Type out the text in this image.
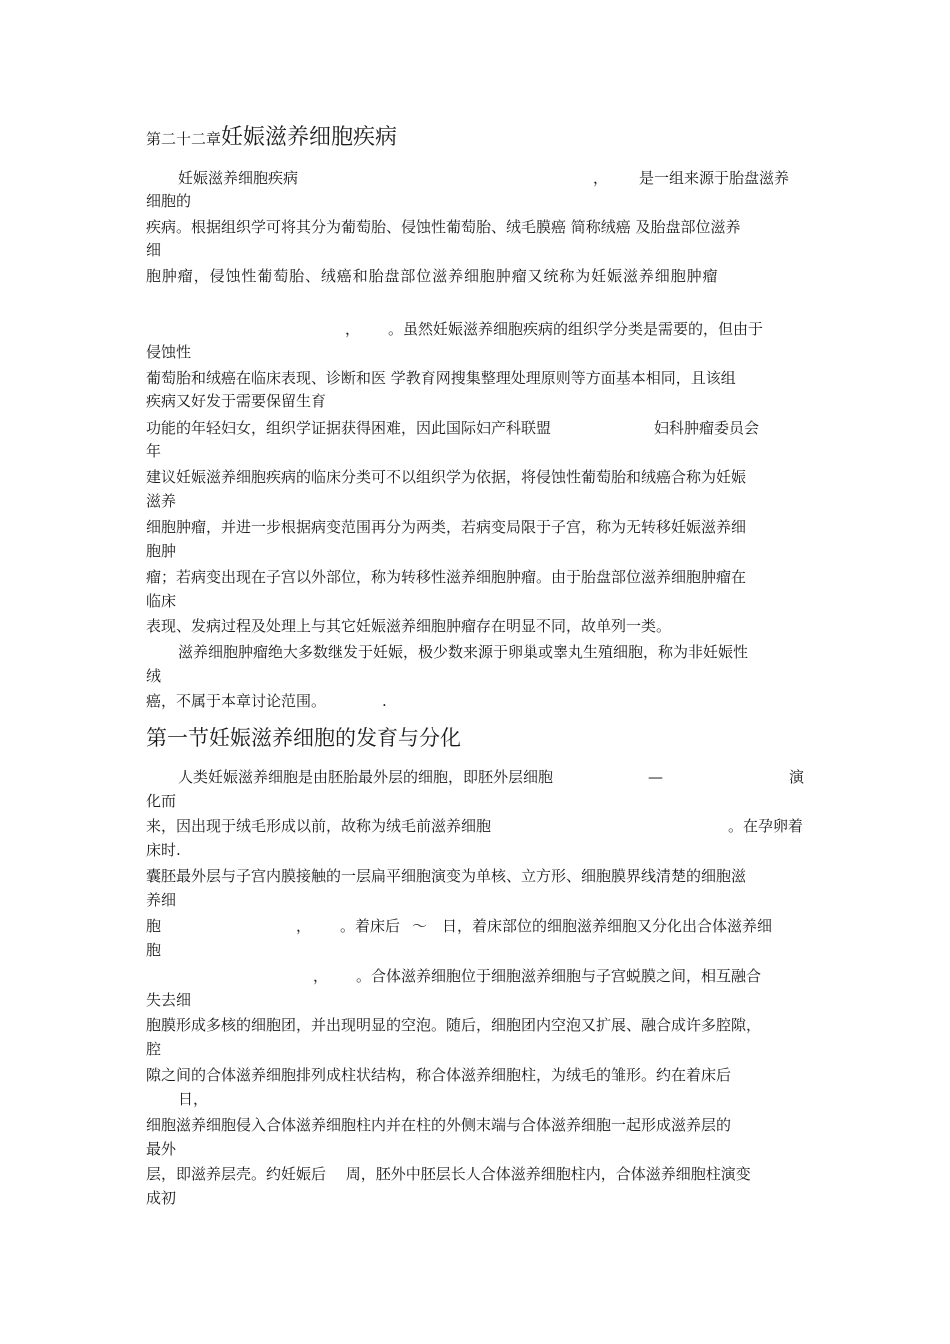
第二十二章妊娠滋养细胞疾病
妊娠滋养细胞疾病	， 是一组来源于胎盘滋养
细胞的
疾病。根据组织学可将其分为葡萄胎、侵蚀性葡萄胎、绒毛膜癌 简称绒癌 及胎盘部位滋养
细
胞肿瘤，侵蚀性葡萄胎、绒癌和胎盘部位滋养细胞肿瘤又统称为妊娠滋养细胞肿瘤
， 。虽然妊娠滋养细胞疾病的组织学分类是需要的，但由于
侵蚀性
葡萄胎和绒癌在临床表现、诊断和医 学教育网搜集整理处理原则等方面基本相同，且该组
疾病又好发于需要保留生育
功能的年轻妇女，组织学证据获得困难，因此国际妇产科联盟	妇科肿瘤委员会
年
建议妊娠滋养细胞疾病的临床分类可不以组织学为依据，将侵蚀性葡萄胎和绒癌合称为妊娠
滋养
细胞肿瘤，并进一步根据病变范围再分为两类，若病变局限于子宫，称为无转移妊娠滋养细
胞肿
瘤；若病变出现在子宫以外部位，称为转移性滋养细胞肿瘤。由于胎盘部位滋养细胞肿瘤在
临床
表现、发病过程及处理上与其它妊娠滋养细胞肿瘤存在明显不同，故单列一类。
滋养细胞肿瘤绝大多数继发于妊娠，极少数来源于卵巢或睾丸生殖细胞，称为非妊娠性
绒
癌，不属于本章讨论范围。	.
第一节妊娠滋养细胞的发育与分化
人类妊娠滋养细胞是由胚胎最外层的细胞，即胚外层细胞	—	演
化而
来，因出现于绒毛形成以前，故称为绒毛前滋养细胞	。在孕卵着
床时.
囊胚最外层与子宫内膜接触的一层扁平细胞演变为单核、立方形、细胞膜界线清楚的细胞滋
养细
胞	， 。着床后 ～ 日，着床部位的细胞滋养细胞又分化出合体滋养细
胞
， 。合体滋养细胞位于细胞滋养细胞与子宫蜕膜之间，相互融合
失去细
胞膜形成多核的细胞团，并出现明显的空泡。随后，细胞团内空泡又扩展、融合成许多腔隙，
腔
隙之间的合体滋养细胞排列成柱状结构，称合体滋养细胞柱，为绒毛的雏形。约在着床后
日，
细胞滋养细胞侵入合体滋养细胞柱内并在柱的外侧末端与合体滋养细胞一起形成滋养层的
最外
层，即滋养层壳。约妊娠后　 周，胚外中胚层长人合体滋养细胞柱内，合体滋养细胞柱演变
成初
